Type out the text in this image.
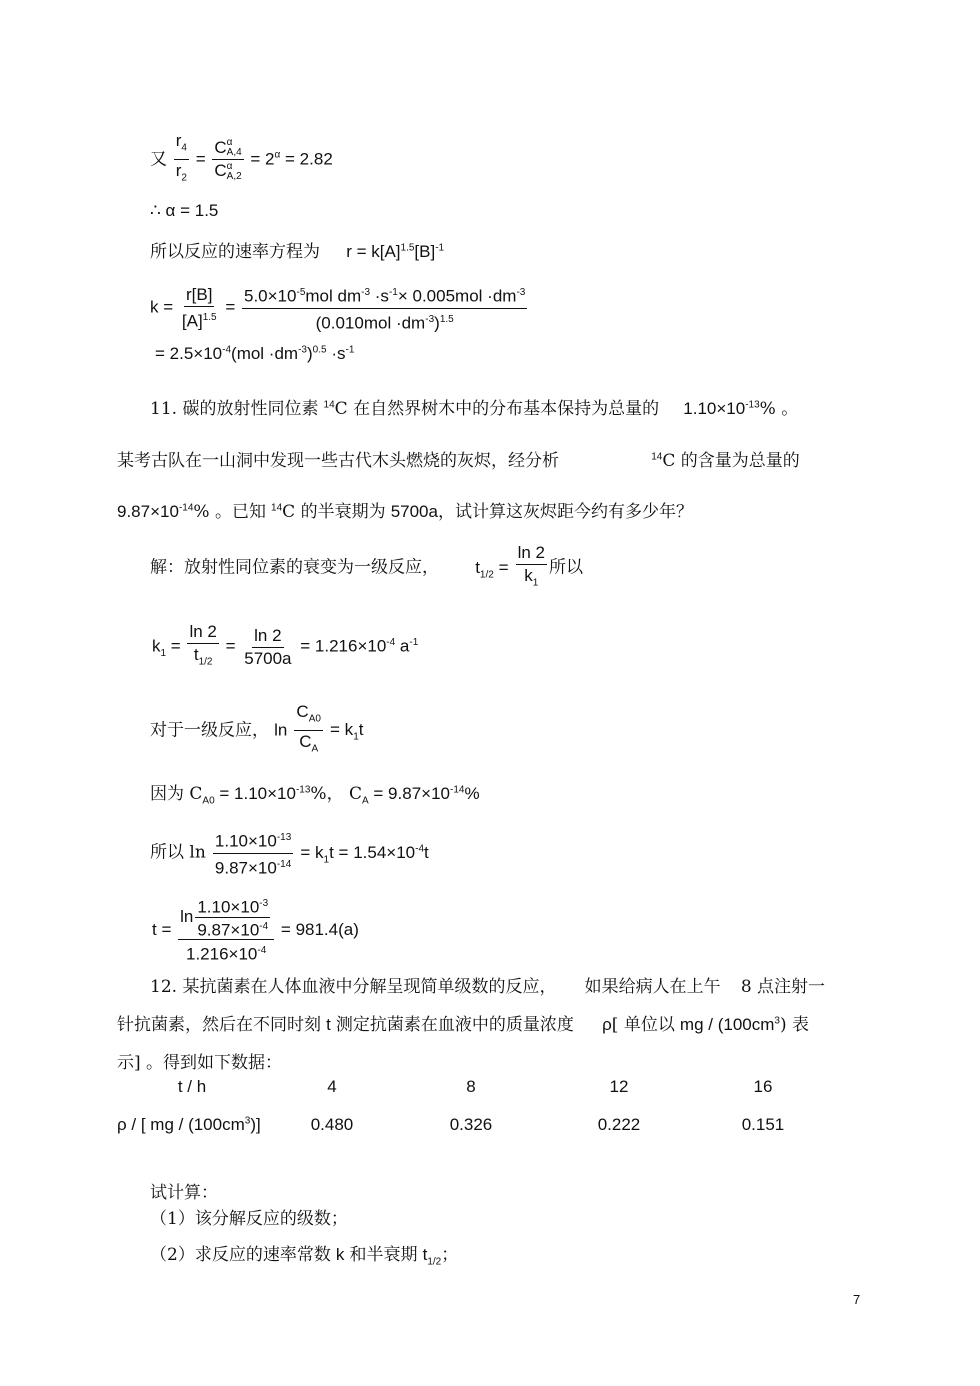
又 $\frac{r_4}{r_2} = C$ α
A,4
C α
$A,2 = 2^\alpha = 2.82$
∴ α = 1.5
所以反应的速率方程为 $r = k[A]^{1.5}[B]^{-1}$
$k = \frac{r[B]}{[A]^{1.5}} = \frac{5.0\times 10^{-5}mol dm^{-3} \cdot s^{-1}\times 0.005mol \cdot dm^{-3}}{(0.010mol \cdot dm^{-3})^{1.5}}$
= $2.5\times 10^{-4}(mol \cdot dm^{-3})^{0.5} \cdot s^{-1}$
11. 碳的放射性同位素 $^{14}$C 在自然界树木中的分布基本保持为总量的 $1.10\times 10^{-13}\%$ 。
某考古队在一山洞中发现一些古代木头燃烧的灰烬，经分析	$^{14}$C 的含量为总量的
$9.87\times 10^{-14}\%$ 。已知 $^{14}$C 的半衰期为 5700a，试计算这灰烬距今约有多少年？
解：放射性同位素的衰变为一级反应， $t_{1/2} = \frac{\ln 2}{k_1}$ 所以
$k_1 = \frac{\ln 2}{t_{1/2}} = \frac{\ln 2}{5700a} = 1.216\times 10^{-4}$ $a^{-1}$
对于一级反应， $\ln \frac{C_{A0}}{C_A} = k_1t$
因为 $C_{A0} = 1.10\times 10^{-13}\%$， $C_A = 9.87\times 10^{-14}\%$
所以 $\ln \frac{1.10\times 10^{-13}}{9.87\times 10^{-14}} = k_1t = 1.54\times 10^{-4}t$
$t = \frac{\ln \frac{1.10\times 10^{-3}}{9.87\times 10^{-4}}}{1.216\times 10^{-4}} = 981.4(a)$
12. 某抗菌素在人体血液中分解呈现简单级数的反应， 如果给病人在上午 8 点注射一
针抗菌素，然后在不同时刻 t 测定抗菌素在血液中的质量浓度 ρ[ 单位以 mg / $(100cm^3)$ 表
示] 。得到如下数据：
t / h	4	8	12	16
ρ / [ mg / $(100cm^3)$]	0.480	0.326	0.222	0.151
试计算：
（1）该分解反应的级数；
（2）求反应的速率常数 k 和半衰期 $t_{1/2}$；
7
